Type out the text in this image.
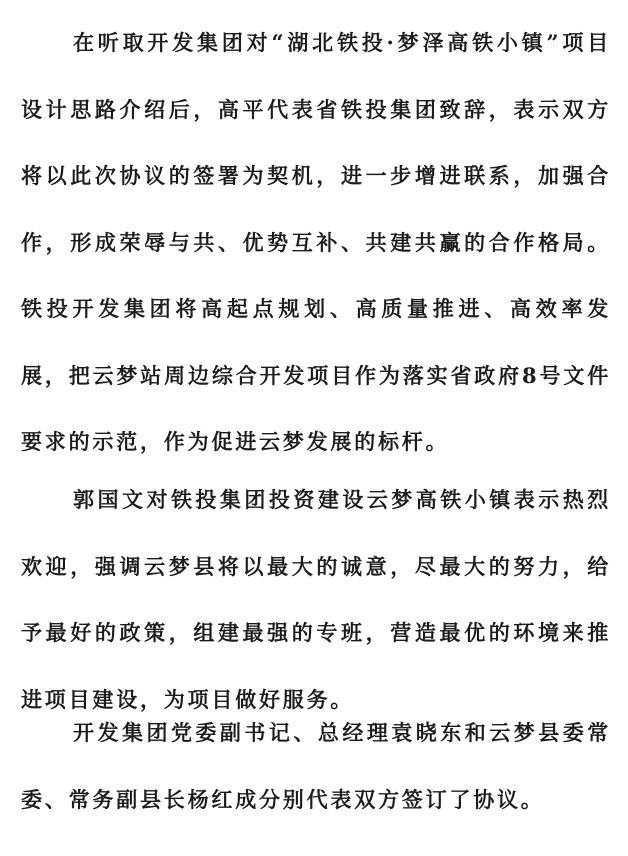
在听取开发集团对“湖北铁投·梦泽高铁小镇”项目设计思路介绍后，高平代表省铁投集团致辞，表示双方将以此次协议的签署为契机，进一步增进联系，加强合作，形成荣辱与共、优势互补、共建共赢的合作格局。铁投开发集团将高起点规划、高质量推进、高效率发展，把云梦站周边综合开发项目作为落实省政府8号文件要求的示范，作为促进云梦发展的标杆。

郭国文对铁投集团投资建设云梦高铁小镇表示热烈欢迎，强调云梦县将以最大的诚意，尽最大的努力，给予最好的政策，组建最强的专班，营造最优的环境来推进项目建设，为项目做好服务。

开发集团党委副书记、总经理袁晓东和云梦县委常委、常务副县长杨红成分别代表双方签订了协议。
